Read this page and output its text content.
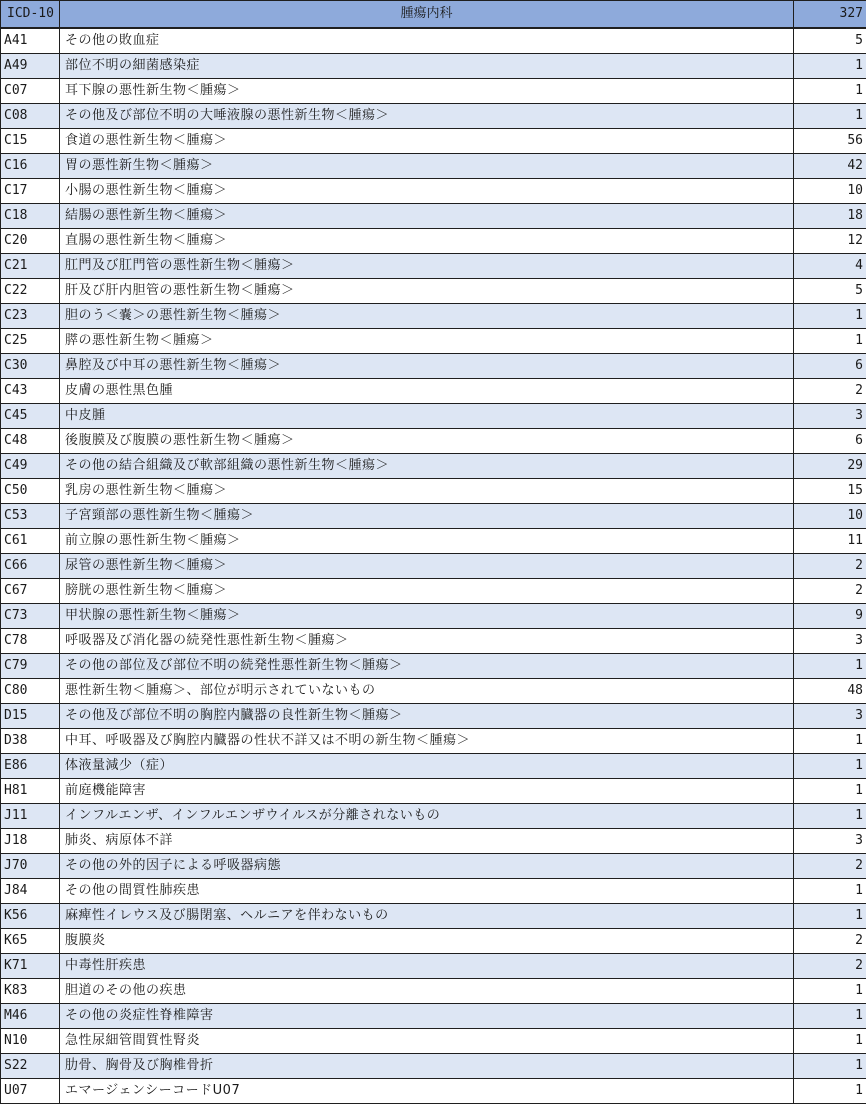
ICD-10	腫瘍内科	327
A41	その他の敗血症	5
A49	部位不明の細菌感染症	1
C07	耳下腺の悪性新生物＜腫瘍＞	1
C08	その他及び部位不明の大唾液腺の悪性新生物＜腫瘍＞	1
C15	食道の悪性新生物＜腫瘍＞	56
C16	胃の悪性新生物＜腫瘍＞	42
C17	小腸の悪性新生物＜腫瘍＞	10
C18	結腸の悪性新生物＜腫瘍＞	18
C20	直腸の悪性新生物＜腫瘍＞	12
C21	肛門及び肛門管の悪性新生物＜腫瘍＞	4
C22	肝及び肝内胆管の悪性新生物＜腫瘍＞	5
C23	胆のう＜嚢＞の悪性新生物＜腫瘍＞	1
C25	膵の悪性新生物＜腫瘍＞	1
C30	鼻腔及び中耳の悪性新生物＜腫瘍＞	6
C43	皮膚の悪性黒色腫	2
C45	中皮腫	3
C48	後腹膜及び腹膜の悪性新生物＜腫瘍＞	6
C49	その他の結合組織及び軟部組織の悪性新生物＜腫瘍＞	29
C50	乳房の悪性新生物＜腫瘍＞	15
C53	子宮頸部の悪性新生物＜腫瘍＞	10
C61	前立腺の悪性新生物＜腫瘍＞	11
C66	尿管の悪性新生物＜腫瘍＞	2
C67	膀胱の悪性新生物＜腫瘍＞	2
C73	甲状腺の悪性新生物＜腫瘍＞	9
C78	呼吸器及び消化器の続発性悪性新生物＜腫瘍＞	3
C79	その他の部位及び部位不明の続発性悪性新生物＜腫瘍＞	1
C80	悪性新生物＜腫瘍＞、部位が明示されていないもの	48
D15	その他及び部位不明の胸腔内臓器の良性新生物＜腫瘍＞	3
D38	中耳、呼吸器及び胸腔内臓器の性状不詳又は不明の新生物＜腫瘍＞	1
E86	体液量減少（症）	1
H81	前庭機能障害	1
J11	インフルエンザ、インフルエンザウイルスが分離されないもの	1
J18	肺炎、病原体不詳	3
J70	その他の外的因子による呼吸器病態	2
J84	その他の間質性肺疾患	1
K56	麻痺性イレウス及び腸閉塞、ヘルニアを伴わないもの	1
K65	腹膜炎	2
K71	中毒性肝疾患	2
K83	胆道のその他の疾患	1
M46	その他の炎症性脊椎障害	1
N10	急性尿細管間質性腎炎	1
S22	肋骨、胸骨及び胸椎骨折	1
U07	エマージェンシーコードU07	1
